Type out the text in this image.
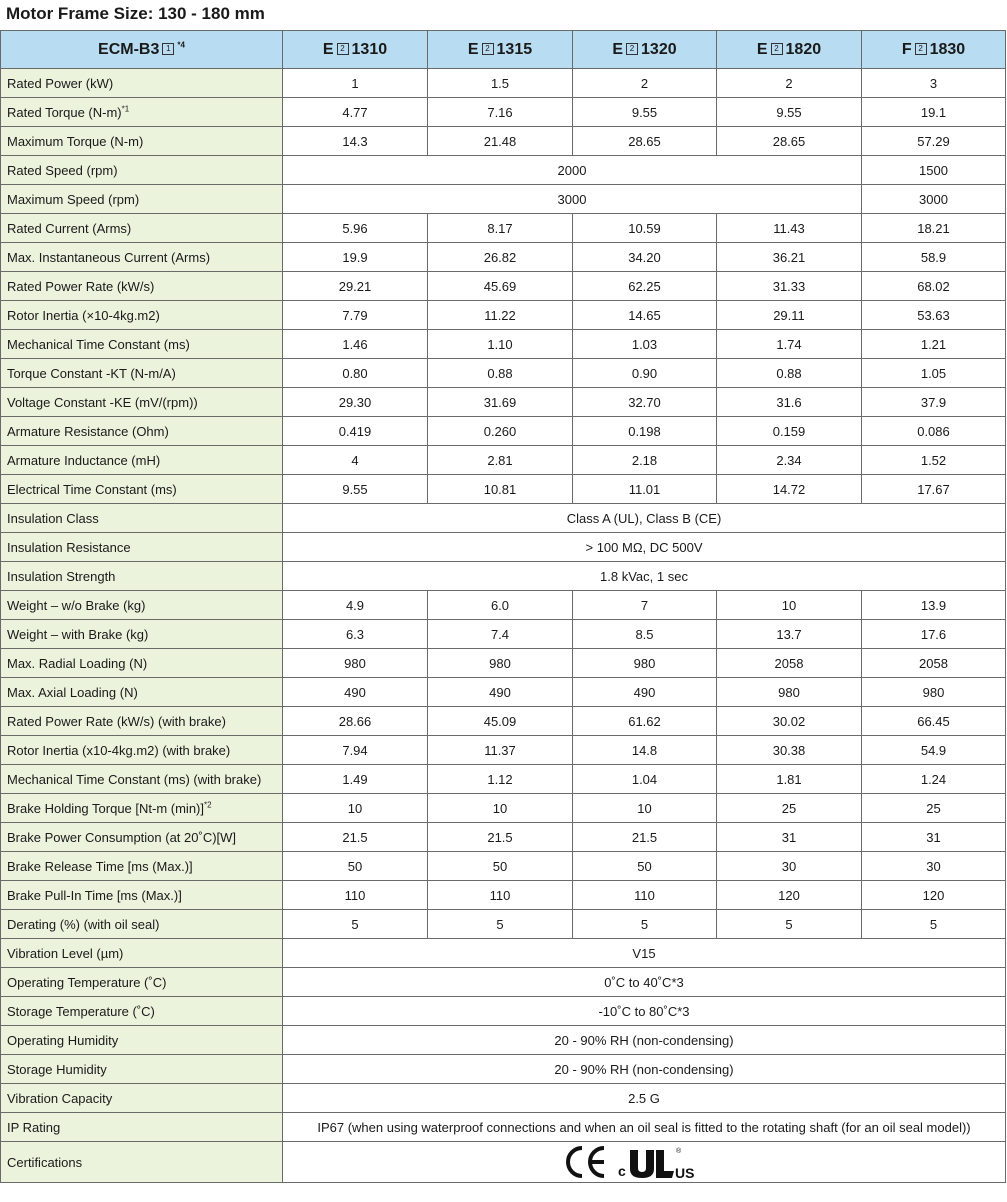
Motor Frame Size: 130 - 180 mm
ECM-B3 1 $^{*4}$	E 2 1310	E 2 1315	E 2 1320	E 2 1820	F 2 1830
Rated Power (kW)	1	1.5	2	2	3
Rated Torque $(N-m)^{*1}$	4.77	7.16	9.55	9.55	19.1
Maximum Torque (N-m)	14.3	21.48	28.65	28.65	57.29
Rated Speed (rpm)	2000				1500
Maximum Speed (rpm)	3000				3000
Rated Current (Arms)	5.96	8.17	10.59	11.43	18.21
Max. Instantaneous Current (Arms)	19.9	26.82	34.20	36.21	58.9
Rated Power Rate (kW/s)	29.21	45.69	62.25	31.33	68.02
Rotor Inertia (×10-4kg.m2)	7.79	11.22	14.65	29.11	53.63
Mechanical Time Constant (ms)	1.46	1.10	1.03	1.74	1.21
Torque Constant -KT (N-m/A)	0.80	0.88	0.90	0.88	1.05
Voltage Constant -KE (mV/(rpm))	29.30	31.69	32.70	31.6	37.9
Armature Resistance (Ohm)	0.419	0.260	0.198	0.159	0.086
Armature Inductance (mH)	4	2.81	2.18	2.34	1.52
Electrical Time Constant (ms)	9.55	10.81	11.01	14.72	17.67
Insulation Class	Class A (UL), Class B (CE)				
Insulation Resistance	> 100 MΩ, DC 500V				
Insulation Strength	1.8 kVac, 1 sec				
Weight – w/o Brake (kg)	4.9	6.0	7	10	13.9
Weight – with Brake (kg)	6.3	7.4	8.5	13.7	17.6
Max. Radial Loading (N)	980	980	980	2058	2058
Max. Axial Loading (N)	490	490	490	980	980
Rated Power Rate (kW/s) (with brake)	28.66	45.09	61.62	30.02	66.45
Rotor Inertia (x10-4kg.m2) (with brake)	7.94	11.37	14.8	30.38	54.9
Mechanical Time Constant (ms) (with brake)	1.49	1.12	1.04	1.81	1.24
Brake Holding Torque [Nt-m (min)]$^{*2}$	10	10	10	25	25
Brake Power Consumption (at 20˚C)[W]	21.5	21.5	21.5	31	31
Brake Release Time [ms (Max.)]	50	50	50	30	30
Brake Pull-In Time [ms (Max.)]	110	110	110	120	120
Derating (%) (with oil seal)	5	5	5	5	5
Vibration Level (µm)	V15				
Operating Temperature (˚C)	0˚C to 40˚C*3				
Storage Temperature (˚C)	-10˚C to 80˚C*3				
Operating Humidity	20 - 90% RH (non-condensing)				
Storage Humidity	20 - 90% RH (non-condensing)				
Vibration Capacity	2.5 G				
IP Rating	IP67 (when using waterproof connections and when an oil seal is fitted to the rotating shaft (for an oil seal model))				
Certifications	c US
®				
